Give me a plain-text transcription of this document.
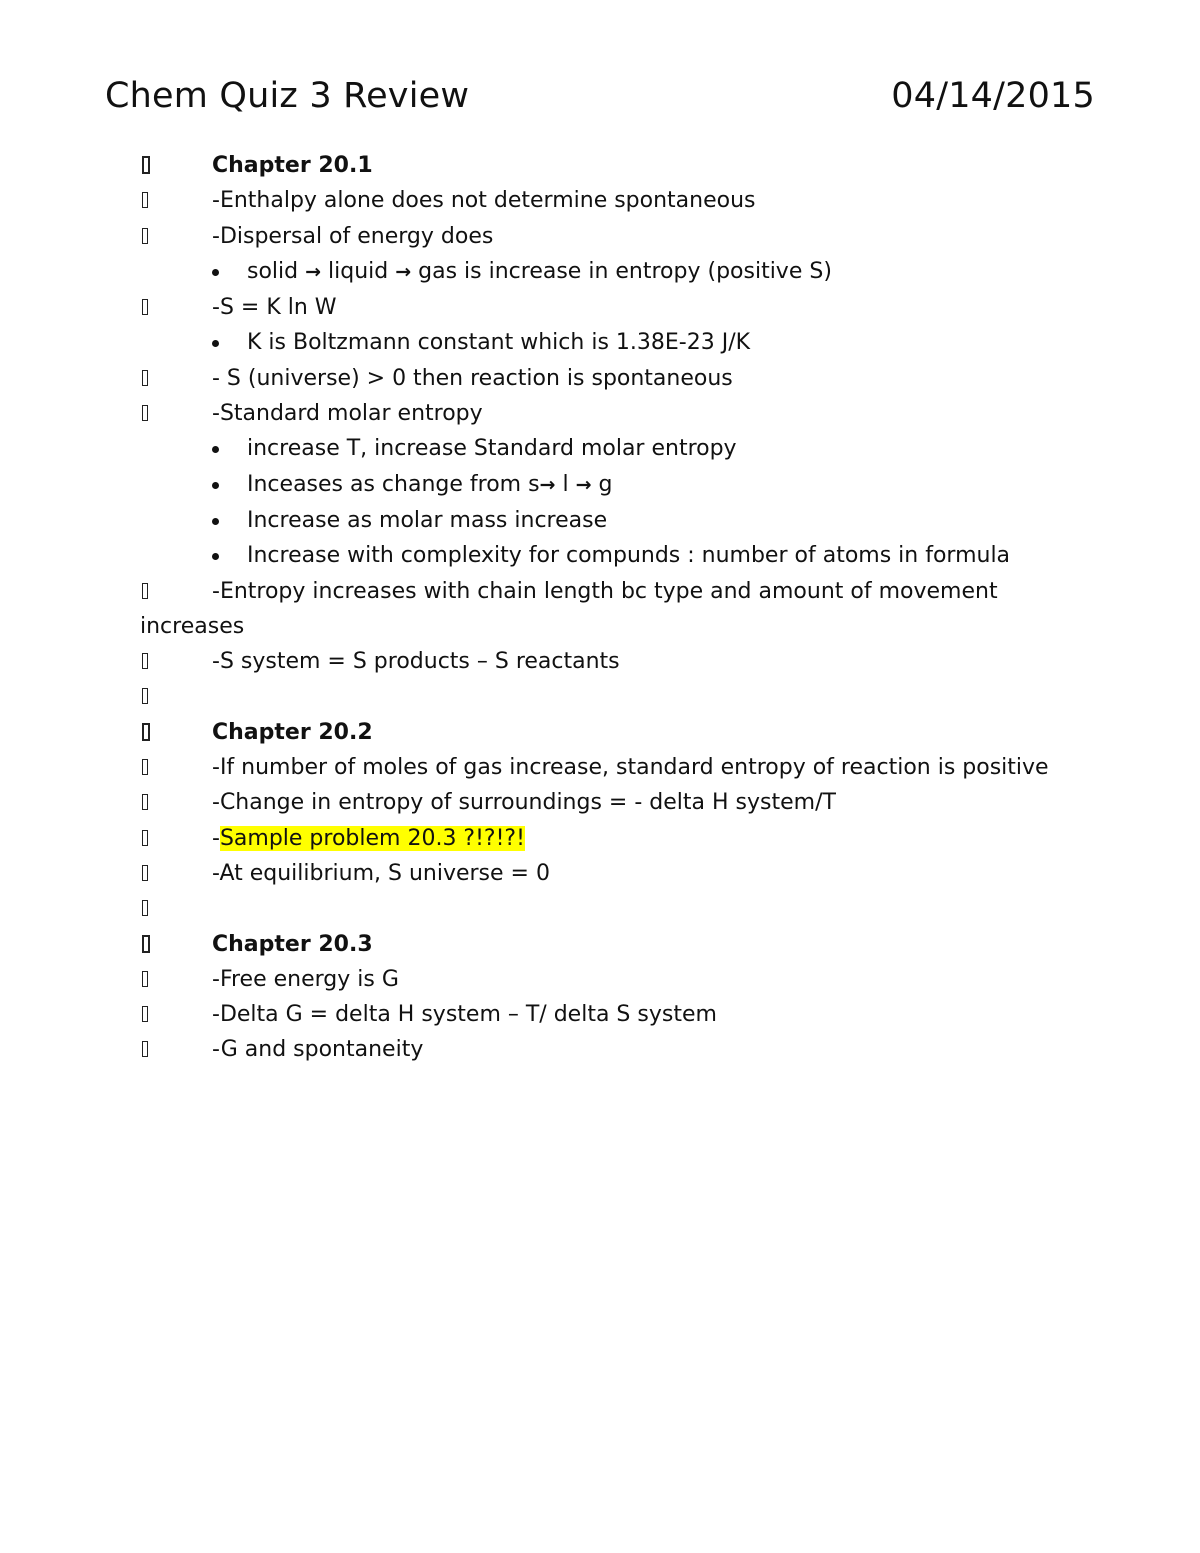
Chem Quiz 3 Review	04/14/2015
Chapter 20.1
-Enthalpy alone does not determine spontaneous
-Dispersal of energy does
solid → liquid → gas is increase in entropy (positive S)
-S = K ln W
K is Boltzmann constant which is 1.38E-23 J/K
- S (universe) > 0 then reaction is spontaneous
-Standard molar entropy
increase T, increase Standard molar entropy
Inceases as change from s→ l → g
Increase as molar mass increase
Increase with complexity for compunds : number of atoms in formula
-Entropy increases with chain length bc type and amount of movement increases
-S system = S products – S reactants
Chapter 20.2
-If number of moles of gas increase, standard entropy of reaction is positive
-Change in entropy of surroundings = - delta H system/T
-Sample problem 20.3 ?!?!?!
-At equilibrium, S universe = 0
Chapter 20.3
-Free energy is G
-Delta G = delta H system – T/ delta S system
-G and spontaneity
